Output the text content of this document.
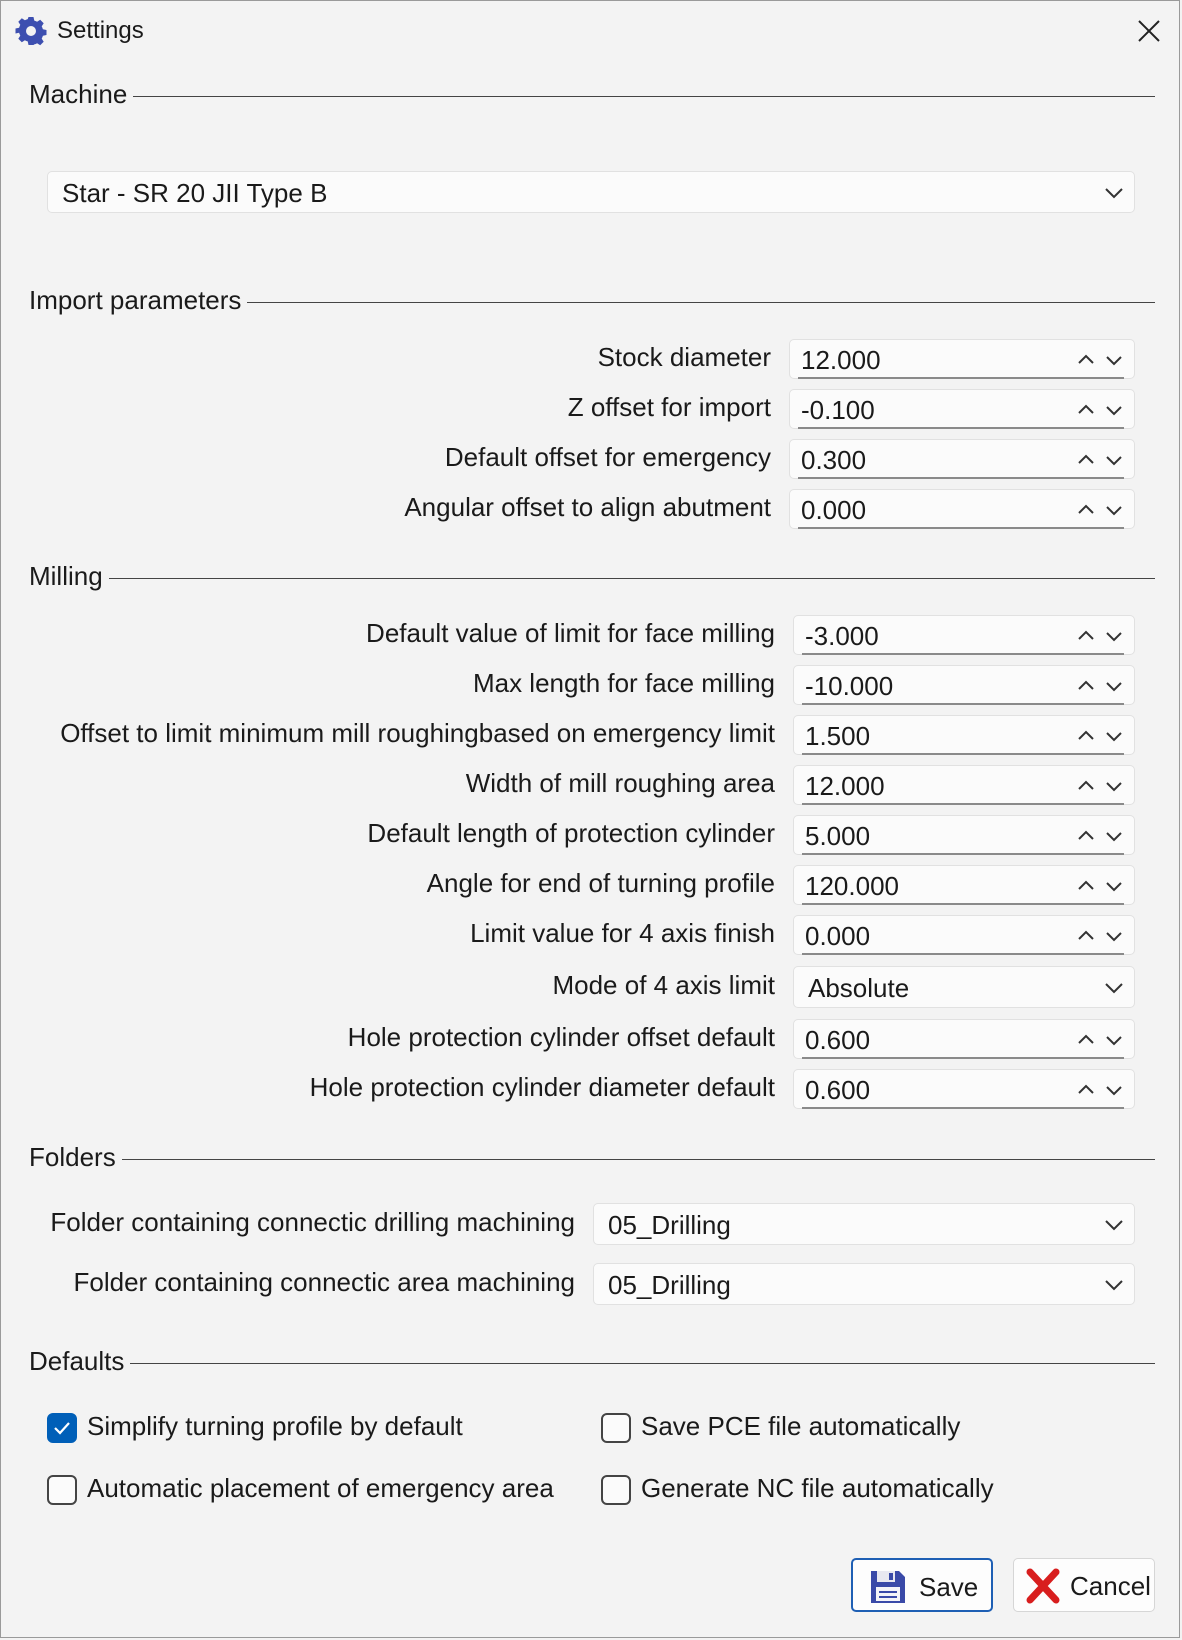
Settings
Machine
Star - SR 20 JII Type B
Import parameters
Stock diameter 12.000
Z offset for import -0.100
Default offset for emergency 0.300
Angular offset to align abutment 0.000
Milling
Default value of limit for face milling -3.000
Max length for face milling -10.000
Offset to limit minimum mill roughingbased on emergency limit 1.500
Width of mill roughing area 12.000
Default length of protection cylinder 5.000
Angle for end of turning profile 120.000
Limit value for 4 axis finish 0.000
Mode of 4 axis limit Absolute
Hole protection cylinder offset default 0.600
Hole protection cylinder diameter default 0.600
Folders
Folder containing connectic drilling machining 05_Drilling
Folder containing connectic area machining 05_Drilling
Defaults
Simplify turning profile by default	Save PCE file automatically
Automatic placement of emergency area	Generate NC file automatically
Save	Cancel
